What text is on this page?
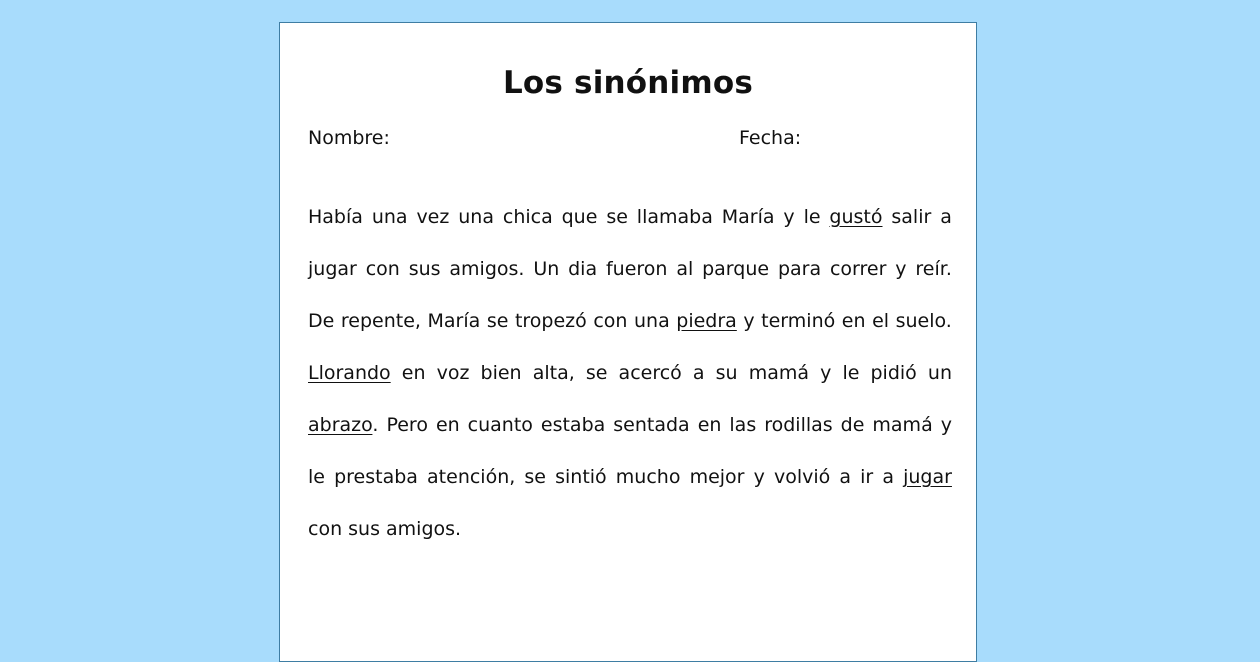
Los sinónimos
Nombre:	Fecha:
Había una vez una chica que se llamaba María y le gustó salir a
jugar con sus amigos. Un dia fueron al parque para correr y reír.
De repente, María se tropezó con una piedra y terminó en el suelo.
Llorando en voz bien alta, se acercó a su mamá y le pidió un
abrazo. Pero en cuanto estaba sentada en las rodillas de mamá y
le prestaba atención, se sintió mucho mejor y volvió a ir a jugar
con sus amigos.
